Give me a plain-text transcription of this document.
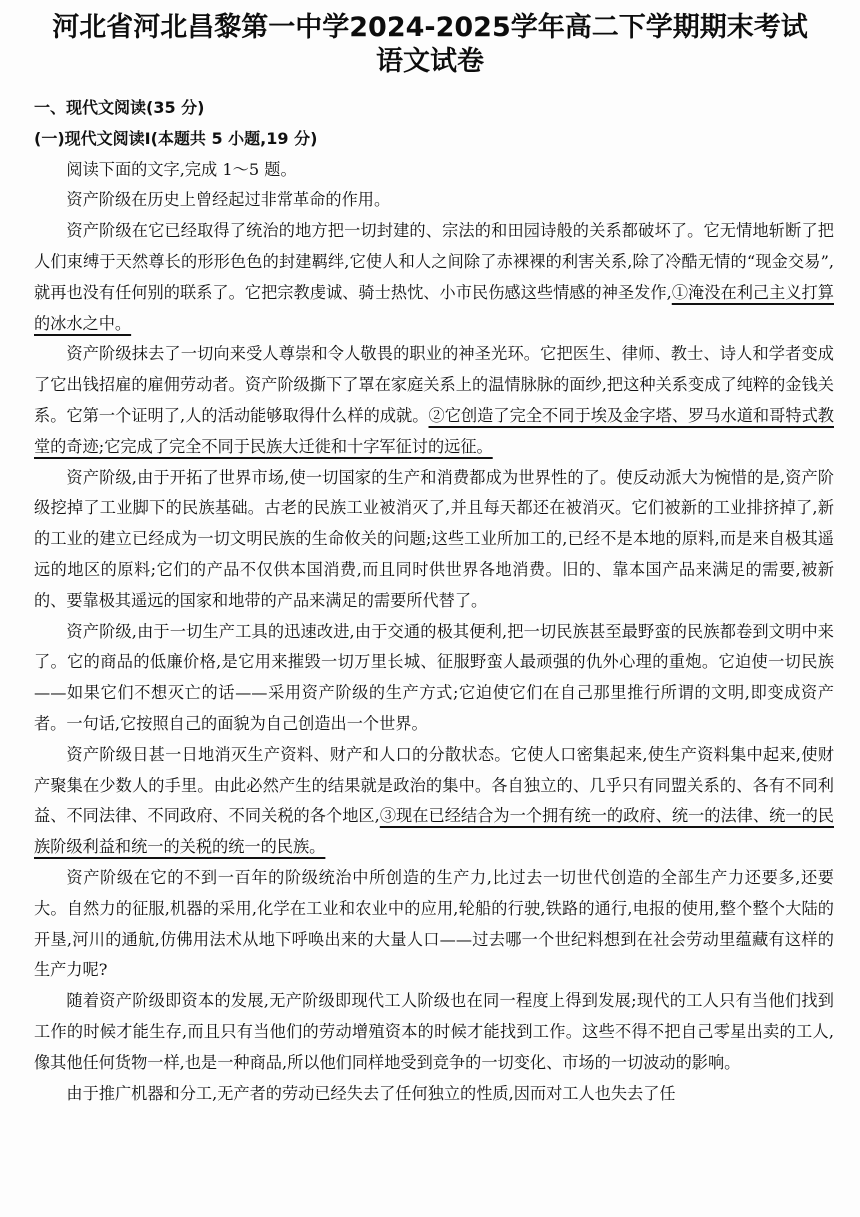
河北省河北昌黎第一中学2024-2025学年高二下学期期末考试
语文试卷

一、现代文阅读(35 分)

(一)现代文阅读Ⅰ(本题共 5 小题,19 分)

阅读下面的文字,完成 1～5 题。

资产阶级在历史上曾经起过非常革命的作用。

资产阶级在它已经取得了统治的地方把一切封建的、宗法的和田园诗般的关系都破坏了。它无情地斩断了把人们束缚于天然尊长的形形色色的封建羁绊,它使人和人之间除了赤裸裸的利害关系,除了冷酷无情的“现金交易”,就再也没有任何别的联系了。它把宗教虔诚、骑士热忱、小市民伤感这些情感的神圣发作,①淹没在利己主义打算的冰水之中。

资产阶级抹去了一切向来受人尊崇和令人敬畏的职业的神圣光环。它把医生、律师、教士、诗人和学者变成了它出钱招雇的雇佣劳动者。资产阶级撕下了罩在家庭关系上的温情脉脉的面纱,把这种关系变成了纯粹的金钱关系。它第一个证明了,人的活动能够取得什么样的成就。②它创造了完全不同于埃及金字塔、罗马水道和哥特式教堂的奇迹;它完成了完全不同于民族大迁徙和十字军征讨的远征。

资产阶级,由于开拓了世界市场,使一切国家的生产和消费都成为世界性的了。使反动派大为惋惜的是,资产阶级挖掉了工业脚下的民族基础。古老的民族工业被消灭了,并且每天都还在被消灭。它们被新的工业排挤掉了,新的工业的建立已经成为一切文明民族的生命攸关的问题;这些工业所加工的,已经不是本地的原料,而是来自极其遥远的地区的原料;它们的产品不仅供本国消费,而且同时供世界各地消费。旧的、靠本国产品来满足的需要,被新的、要靠极其遥远的国家和地带的产品来满足的需要所代替了。

资产阶级,由于一切生产工具的迅速改进,由于交通的极其便利,把一切民族甚至最野蛮的民族都卷到文明中来了。它的商品的低廉价格,是它用来摧毁一切万里长城、征服野蛮人最顽强的仇外心理的重炮。它迫使一切民族——如果它们不想灭亡的话——采用资产阶级的生产方式;它迫使它们在自己那里推行所谓的文明,即变成资产者。一句话,它按照自己的面貌为自己创造出一个世界。

资产阶级日甚一日地消灭生产资料、财产和人口的分散状态。它使人口密集起来,使生产资料集中起来,使财产聚集在少数人的手里。由此必然产生的结果就是政治的集中。各自独立的、几乎只有同盟关系的、各有不同利益、不同法律、不同政府、不同关税的各个地区,③现在已经结合为一个拥有统一的政府、统一的法律、统一的民族阶级利益和统一的关税的统一的民族。

资产阶级在它的不到一百年的阶级统治中所创造的生产力,比过去一切世代创造的全部生产力还要多,还要大。自然力的征服,机器的采用,化学在工业和农业中的应用,轮船的行驶,铁路的通行,电报的使用,整个整个大陆的开垦,河川的通航,仿佛用法术从地下呼唤出来的大量人口——过去哪一个世纪料想到在社会劳动里蕴藏有这样的生产力呢?

随着资产阶级即资本的发展,无产阶级即现代工人阶级也在同一程度上得到发展;现代的工人只有当他们找到工作的时候才能生存,而且只有当他们的劳动增殖资本的时候才能找到工作。这些不得不把自己零星出卖的工人,像其他任何货物一样,也是一种商品,所以他们同样地受到竞争的一切变化、市场的一切波动的影响。

由于推广机器和分工,无产者的劳动已经失去了任何独立的性质,因而对工人也失去了任
